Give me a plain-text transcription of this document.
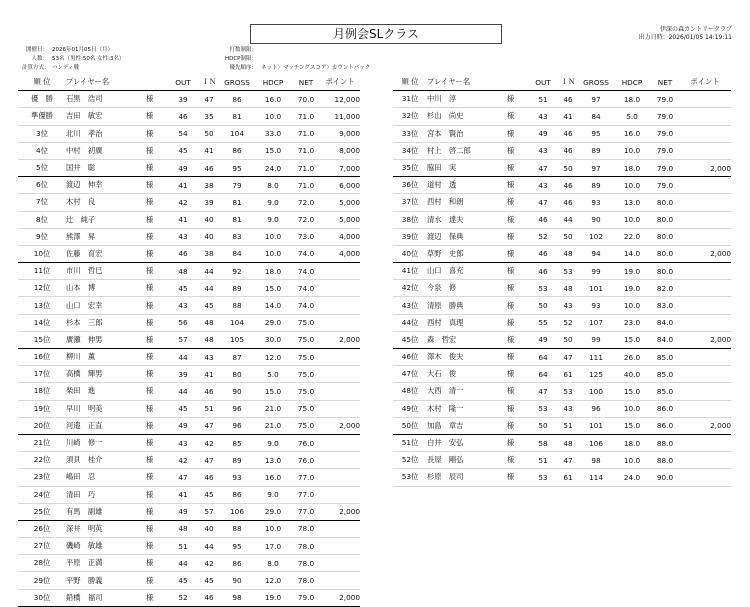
月例会SLクラス	伊深の森カントリークラブ
出力日時：2026/01/05 14:19:11
開催日： 2026年01月05日（月）
人数： 53名（男性:50名 女性:3名）
計算方式： ハンディ戦
打数制限：
HDCP制限：
優先順序： ネット〉マッチングスコア〉カウントバック
順 位	プレイヤー名		OUT	ＩＮ	GROSS	HDCP	NET	ポイント
優　勝	石黒　浩司	様	39	47	86	16.0	70.0	12,000
準優勝	吉田　敏宏	様	46	35	81	10.0	71.0	11,000
3位	北川　孝治	様	54	50	104	33.0	71.0	9,000
4位	中村　初廣	様	45	41	86	15.0	71.0	8,000
5位	国井　聡	様	49	46	95	24.0	71.0	7,000
6位	渡辺　伸幸	様	41	38	79	8.0	71.0	6,000
7位	木村　良	様	42	39	81	9.0	72.0	5,000
8位	辻　純子	様	41	40	81	9.0	72.0	5,000
9位	熊澤　昇	様	43	40	83	10.0	73.0	4,000
10位	佐藤　育宏	様	46	38	84	10.0	74.0	4,000
11位	市川　哲巳	様	48	44	92	18.0	74.0	
12位	山本　博	様	45	44	89	15.0	74.0	
13位	山口　宏幸	様	43	45	88	14.0	74.0	
14位	杉本　三郎	様	56	48	104	29.0	75.0	
15位	廣瀬　伸男	様	57	48	105	30.0	75.0	2,000
16位	柳川　薫	様	44	43	87	12.0	75.0	
17位	高橋　輝男	様	39	41	80	5.0	75.0	
18位	柴田　進	様	44	46	90	15.0	75.0	
19位	早川　明美	様	45	51	96	21.0	75.0	
20位	河邉　正直	様	49	47	96	21.0	75.0	2,000
21位	川崎　修一	様	43	42	85	9.0	76.0	
22位	須貝　桂介	様	42	47	89	13.0	76.0	
23位	嶋田　忍	様	47	46	93	16.0	77.0	
24位	清田　巧	様	41	45	86	9.0	77.0	
25位	有馬　副雄	様	49	57	106	29.0	77.0	2,000
26位	深井　明英	様	48	40	88	10.0	78.0	
27位	磯崎　敏雄	様	51	44	95	17.0	78.0	
28位	平原　正満	様	44	42	86	8.0	78.0	
29位	平野　勝義	様	45	45	90	12.0	78.0	
30位	鉛橋　福司	様	52	46	98	19.0	79.0	2,000
順 位	プレイヤー名		OUT	ＩＮ	GROSS	HDCP	NET	ポイント
31位	中川　淳	様	51	46	97	18.0	79.0	
32位	杉山　尚史	様	43	41	84	5.0	79.0	
33位	宮本　賢治	様	49	46	95	16.0	79.0	
34位	村上　啓二郎	様	43	46	89	10.0	79.0	
35位	脇田　実	様	47	50	97	18.0	79.0	2,000
36位	道村　透	様	43	46	89	10.0	79.0	
37位	西村　和朗	様	47	46	93	13.0	80.0	
38位	清水　達夫	様	46	44	90	10.0	80.0	
39位	渡辺　保典	様	52	50	102	22.0	80.0	
40位	草野　史郎	様	46	48	94	14.0	80.0	2,000
41位	山口　喜充	様	46	53	99	19.0	80.0	
42位	今泉　修	様	53	48	101	19.0	82.0	
43位	清原　勝典	様	50	43	93	10.0	83.0	
44位	西村　真理	様	55	52	107	23.0	84.0	
45位	森　哲宏	様	49	50	99	15.0	84.0	2,000
46位	澤木　俊夫	様	64	47	111	26.0	85.0	
47位	大石　俊	様	64	61	125	40.0	85.0	
48位	大西　清一	様	47	53	100	15.0	85.0	
49位	木村　隆一	様	53	43	96	10.0	86.0	
50位	加島　章吉	様	50	51	101	15.0	86.0	2,000
51位	白井　安弘	様	58	48	106	18.0	88.0	
52位	長屋　剛弘	様	51	47	98	10.0	88.0	
53位	杉原　辰司	様	53	61	114	24.0	90.0	
